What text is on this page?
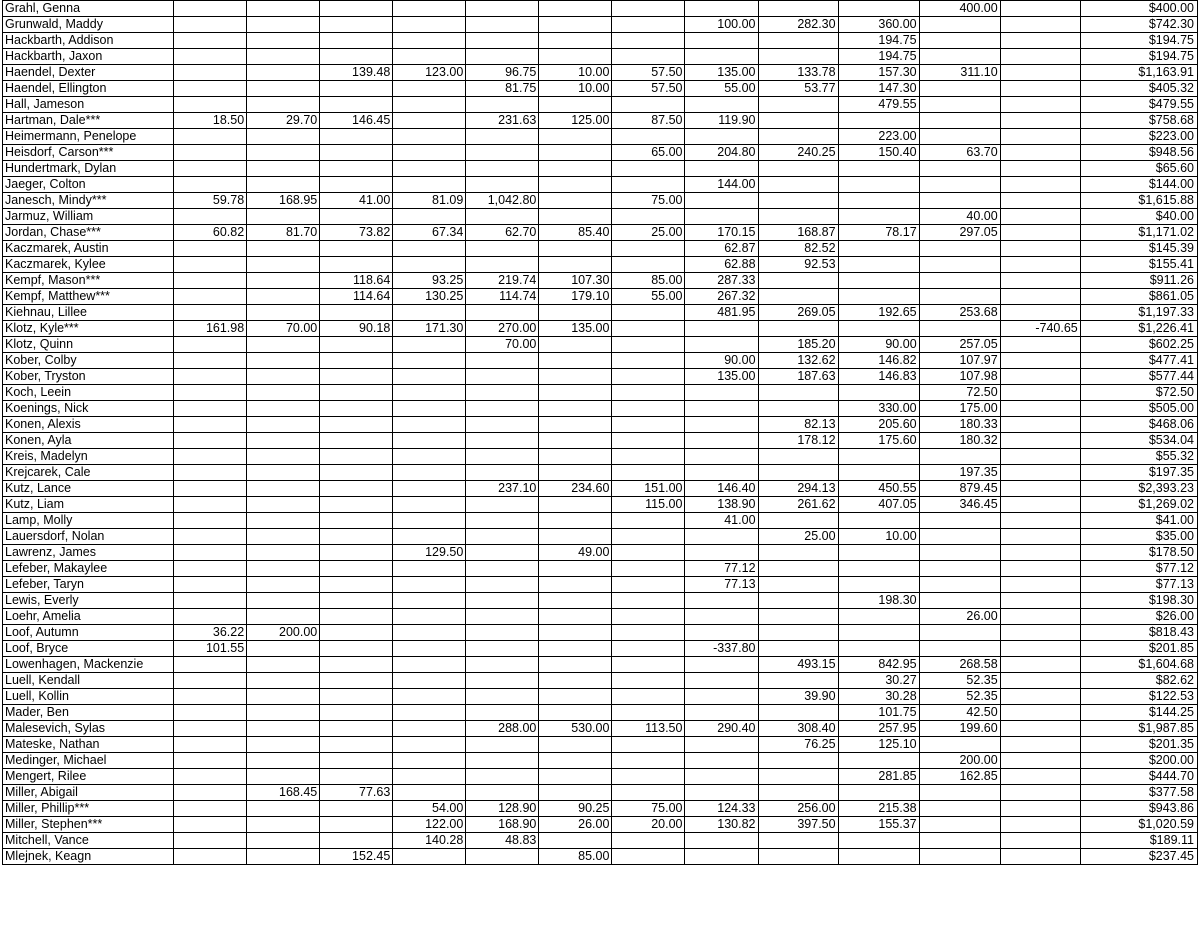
Grahl, Genna											400.00		$400.00
Grunwald, Maddy								100.00	282.30	360.00			$742.30
Hackbarth, Addison										194.75			$194.75
Hackbarth, Jaxon										194.75			$194.75
Haendel, Dexter			139.48	123.00	96.75	10.00	57.50	135.00	133.78	157.30	311.10		$1,163.91
Haendel, Ellington					81.75	10.00	57.50	55.00	53.77	147.30			$405.32
Hall, Jameson										479.55			$479.55
Hartman, Dale***	18.50	29.70	146.45		231.63	125.00	87.50	119.90					$758.68
Heimermann, Penelope										223.00			$223.00
Heisdorf, Carson***							65.00	204.80	240.25	150.40	63.70		$948.56
Hundertmark, Dylan													$65.60
Jaeger, Colton								144.00					$144.00
Janesch, Mindy***	59.78	168.95	41.00	81.09	1,042.80		75.00						$1,615.88
Jarmuz, William											40.00		$40.00
Jordan, Chase***	60.82	81.70	73.82	67.34	62.70	85.40	25.00	170.15	168.87	78.17	297.05		$1,171.02
Kaczmarek, Austin								62.87	82.52				$145.39
Kaczmarek, Kylee								62.88	92.53				$155.41
Kempf, Mason***			118.64	93.25	219.74	107.30	85.00	287.33					$911.26
Kempf, Matthew***			114.64	130.25	114.74	179.10	55.00	267.32					$861.05
Kiehnau, Lillee								481.95	269.05	192.65	253.68		$1,197.33
Klotz, Kyle***	161.98	70.00	90.18	171.30	270.00	135.00						-740.65	$1,226.41
Klotz, Quinn					70.00				185.20	90.00	257.05		$602.25
Kober, Colby								90.00	132.62	146.82	107.97		$477.41
Kober, Tryston								135.00	187.63	146.83	107.98		$577.44
Koch, Leein											72.50		$72.50
Koenings, Nick										330.00	175.00		$505.00
Konen, Alexis									82.13	205.60	180.33		$468.06
Konen, Ayla									178.12	175.60	180.32		$534.04
Kreis, Madelyn													$55.32
Krejcarek, Cale											197.35		$197.35
Kutz, Lance					237.10	234.60	151.00	146.40	294.13	450.55	879.45		$2,393.23
Kutz, Liam							115.00	138.90	261.62	407.05	346.45		$1,269.02
Lamp, Molly								41.00					$41.00
Lauersdorf, Nolan									25.00	10.00			$35.00
Lawrenz, James				129.50		49.00							$178.50
Lefeber, Makaylee								77.12					$77.12
Lefeber, Taryn								77.13					$77.13
Lewis, Everly										198.30			$198.30
Loehr, Amelia											26.00		$26.00
Loof, Autumn	36.22	200.00											$818.43
Loof, Bryce	101.55							-337.80					$201.85
Lowenhagen, Mackenzie									493.15	842.95	268.58		$1,604.68
Luell, Kendall										30.27	52.35		$82.62
Luell, Kollin									39.90	30.28	52.35		$122.53
Mader, Ben										101.75	42.50		$144.25
Malesevich, Sylas					288.00	530.00	113.50	290.40	308.40	257.95	199.60		$1,987.85
Mateske, Nathan									76.25	125.10			$201.35
Medinger, Michael											200.00		$200.00
Mengert, Rilee										281.85	162.85		$444.70
Miller, Abigail		168.45	77.63										$377.58
Miller, Phillip***				54.00	128.90	90.25	75.00	124.33	256.00	215.38			$943.86
Miller, Stephen***				122.00	168.90	26.00	20.00	130.82	397.50	155.37			$1,020.59
Mitchell, Vance				140.28	48.83								$189.11
Mlejnek, Keagn			152.45			85.00							$237.45
